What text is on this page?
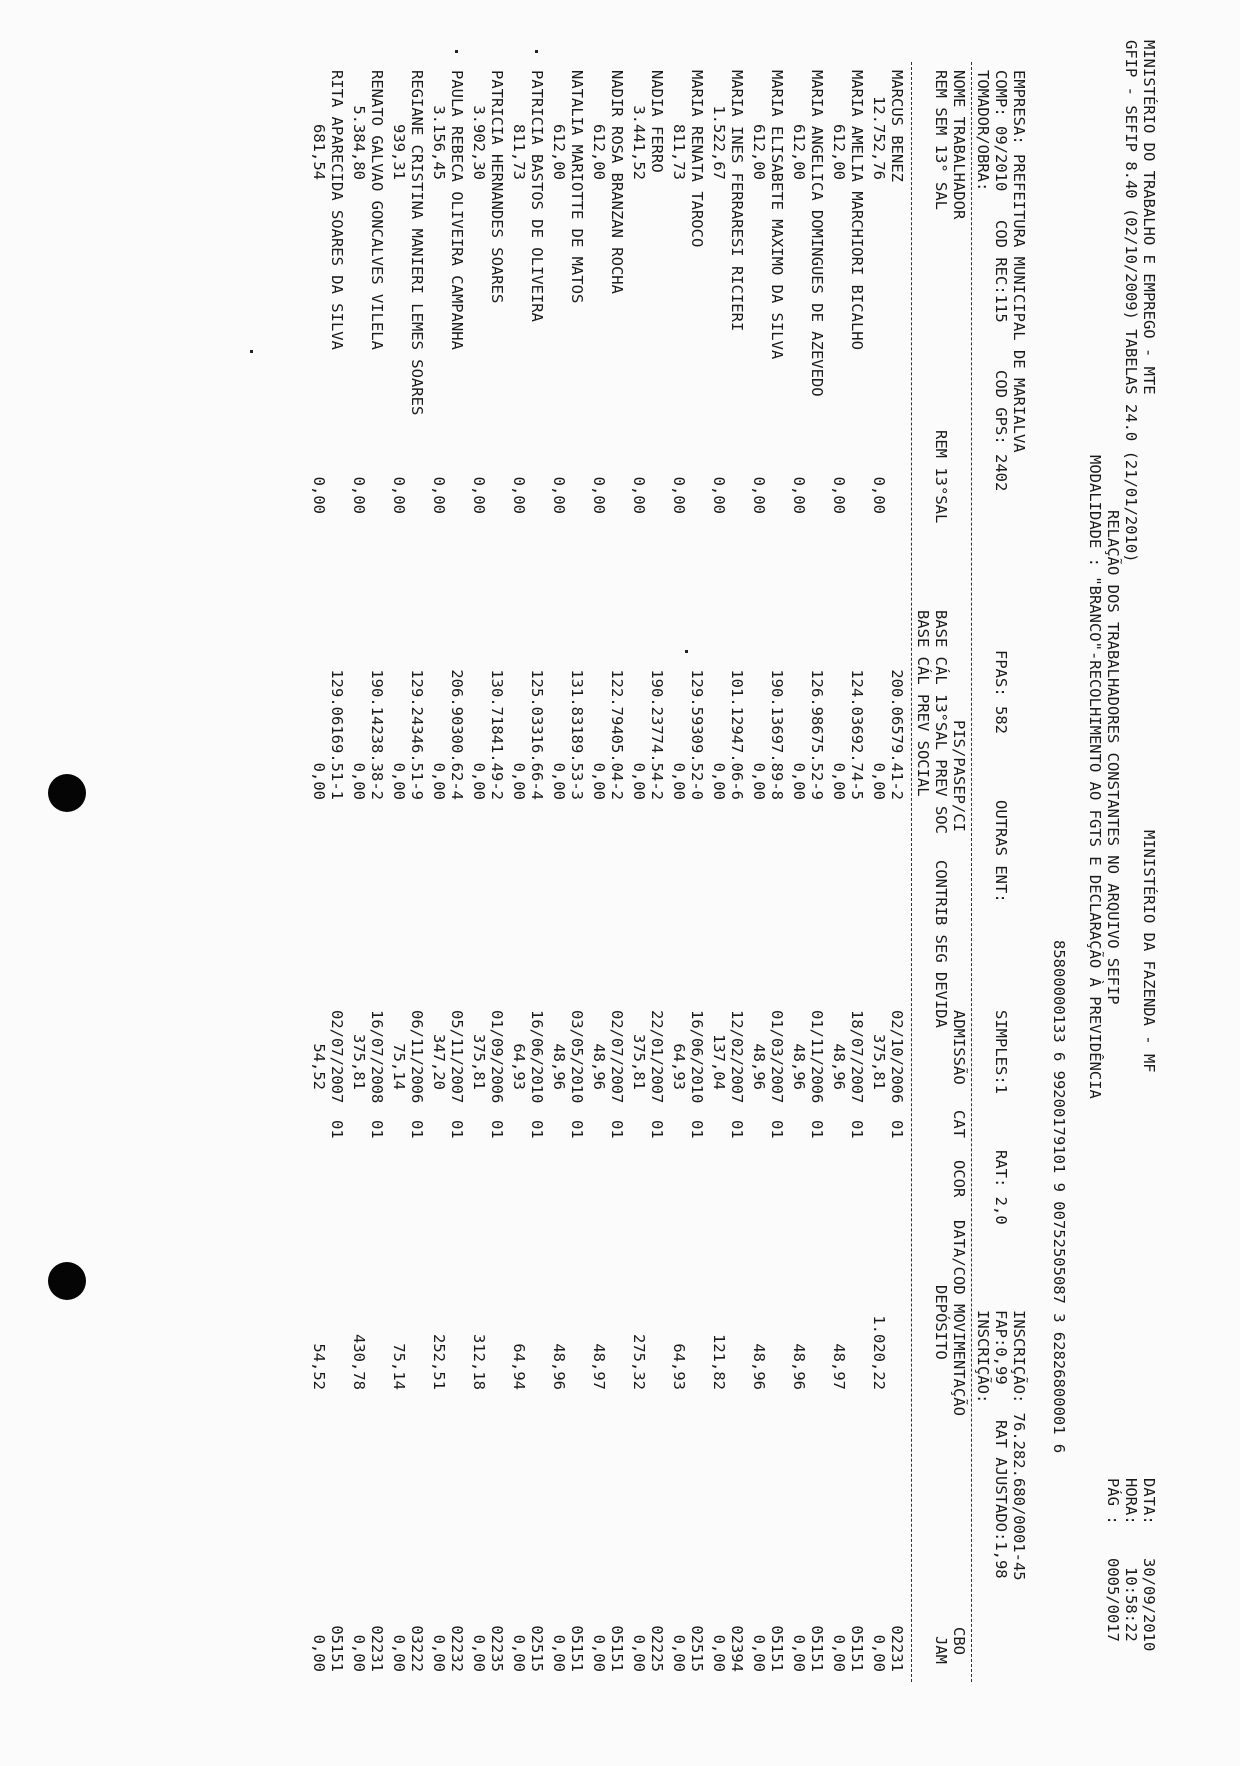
MINISTÉRIO DO TRABALHO E EMPREGO - MTE
MINISTÉRIO DA FAZENDA - MF
DATA:
30/09/2010
GFIP - SEFIP 8.40 (02/10/2009) TABELAS 24.0 (21/01/2010)
HORA:
10:58:22
RELAÇÃO DOS TRABALHADORES CONSTANTES NO ARQUIVO SEFIP
PÁG :
0005/0017
MODALIDADE : "BRANCO"-RECOLHIMENTO AO FGTS E DECLARAÇÃO À PREVIDÊNCIA
85800000133 6 99200179101 9 00752505087 3 62826800001 6
EMPRESA: PREFEITURA MUNICIPAL DE MARIALVA
INSCRIÇÃO: 76.282.680/0001-45
COMP: 09/2010
COD REC:115
COD GPS: 2402
FPAS: 582
OUTRAS ENT:
SIMPLES:1
RAT: 2,0
FAP:0,99
RAT AJUSTADO:1,98
TOMADOR/OBRA:
INSCRIÇÃO:
NOME TRABALHADOR
PIS/PASEP/CI
ADMISSÃO
CAT
OCOR
DATA/COD MOVIMENTAÇÃO
CBO
REM SEM 13° SAL
REM 13°SAL
BASE CÁL 13°SAL PREV SOC
CONTRIB SEG DEVIDA
DEPÓSITO
JAM
BASE CÁL PREV SOCIAL
MARCUS BENEZ
200.06579.41-2
02/10/2006
01
02231
12.752,76
0,00
0,00
375,81
1.020,22
0,00
MARIA AMELIA MARCHIORI BICALHO
124.03692.74-5
18/07/2007
01
05151
612,00
0,00
0,00
48,96
48,97
0,00
MARIA ANGELICA DOMINGUES DE AZEVEDO
126.98675.52-9
01/11/2006
01
05151
612,00
0,00
0,00
48,96
48,96
0,00
MARIA ELISABETE MAXIMO DA SILVA
190.13697.89-8
01/03/2007
01
05151
612,00
0,00
0,00
48,96
48,96
0,00
MARIA INES FERRARESI RICIERI
101.12947.06-6
12/02/2007
01
02394
1.522,67
0,00
0,00
137,04
121,82
0,00
MARIA RENATA TAROCO
129.59309.52-0
16/06/2010
01
02515
811,73
0,00
0,00
64,93
64,93
0,00
NADIA FERRO
190.23774.54-2
22/01/2007
01
02225
3.441,52
0,00
0,00
375,81
275,32
0,00
NADIR ROSA BRANZAN ROCHA
122.79405.04-2
02/07/2007
01
05151
612,00
0,00
0,00
48,96
48,97
0,00
NATALIA MARIOTTE DE MATOS
131.83189.53-3
03/05/2010
01
05151
612,00
0,00
0,00
48,96
48,96
0,00
PATRICIA BASTOS DE OLIVEIRA
125.03316.66-4
16/06/2010
01
02515
811,73
0,00
0,00
64,93
64,94
0,00
PATRICIA HERNANDES SOARES
130.71841.49-2
01/09/2006
01
02235
3.902,30
0,00
0,00
375,81
312,18
0,00
PAULA REBECA OLIVEIRA CAMPANHA
206.90300.62-4
05/11/2007
01
02232
3.156,45
0,00
0,00
347,20
252,51
0,00
REGIANE CRISTINA MANIERI LEMES SOARES
129.24346.51-9
06/11/2006
01
03222
939,31
0,00
0,00
75,14
75,14
0,00
RENATO GALVAO GONCALVES VILELA
190.14238.38-2
16/07/2008
01
02231
5.384,80
0,00
0,00
375,81
430,78
0,00
RITA APARECIDA SOARES DA SILVA
129.06169.51-1
02/07/2007
01
05151
681,54
0,00
0,00
54,52
54,52
0,00
